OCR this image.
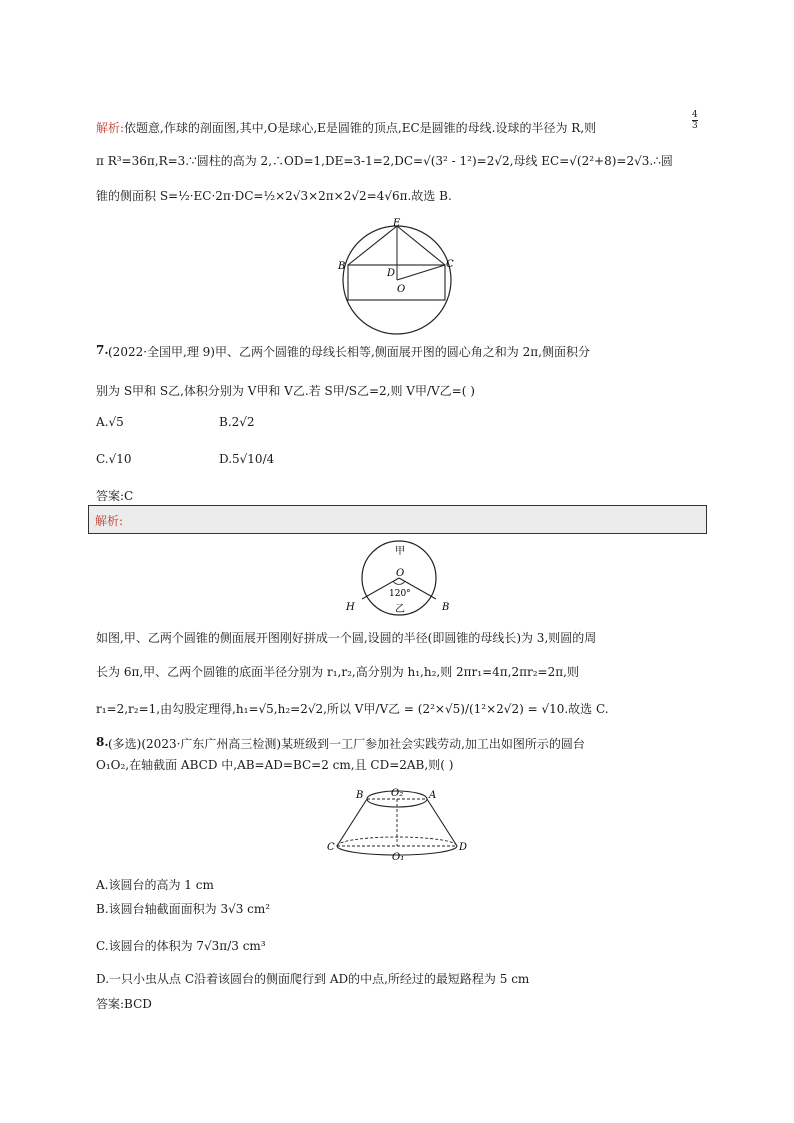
解析:依题意,作球的剖面图,其中,O是球心,E是圆锥的顶点,EC是圆锥的母线.设球的半径为 R,则	$\frac{4}{3}$
π R³=36π,R=3.∵圆柱的高为 2,∴OD=1,DE=3-1=2,DC=√(3² - 1²)=2√2,母线 EC=√(2²+8)=2√3.∴圆
锥的侧面积 S=½·EC·2π·DC=½×2√3×2π×2√2=4√6π.故选 B.
E
B	C
D
O
7. (2022·全国甲,理 9)甲、乙两个圆锥的母线长相等,侧面展开图的圆心角之和为 2π,侧面积分
别为 S甲和 S乙,体积分别为 V甲和 V乙.若 S甲/S乙=2,则 V甲/V乙=( )
A.√5	B.2√2
C.√10	D.5√10/4
答案:C
解析:
甲
O
120°
乙
H	B
如图,甲、乙两个圆锥的侧面展开图刚好拼成一个圆,设圆的半径(即圆锥的母线长)为 3,则圆的周
长为 6π,甲、乙两个圆锥的底面半径分别为 r₁,r₂,高分别为 h₁,h₂,则 2πr₁=4π,2πr₂=2π,则
r₁=2,r₂=1,由勾股定理得,h₁=√5,h₂=2√2,所以 V甲/V乙 = (2²×√5)/(1²×2√2) = √10.故选 C.
8. (多选)(2023·广东广州高三检测)某班级到一工厂参加社会实践劳动,加工出如图所示的圆台
O₁O₂,在轴截面 ABCD 中,AB=AD=BC=2 cm,且 CD=2AB,则( )
B	O₂	A
C
O₁
D
A.该圆台的高为 1 cm
B.该圆台轴截面面积为 3√3 cm²
C.该圆台的体积为 7√3π/3 cm³
D.一只小虫从点 C沿着该圆台的侧面爬行到 AD的中点,所经过的最短路程为 5 cm
答案:BCD
